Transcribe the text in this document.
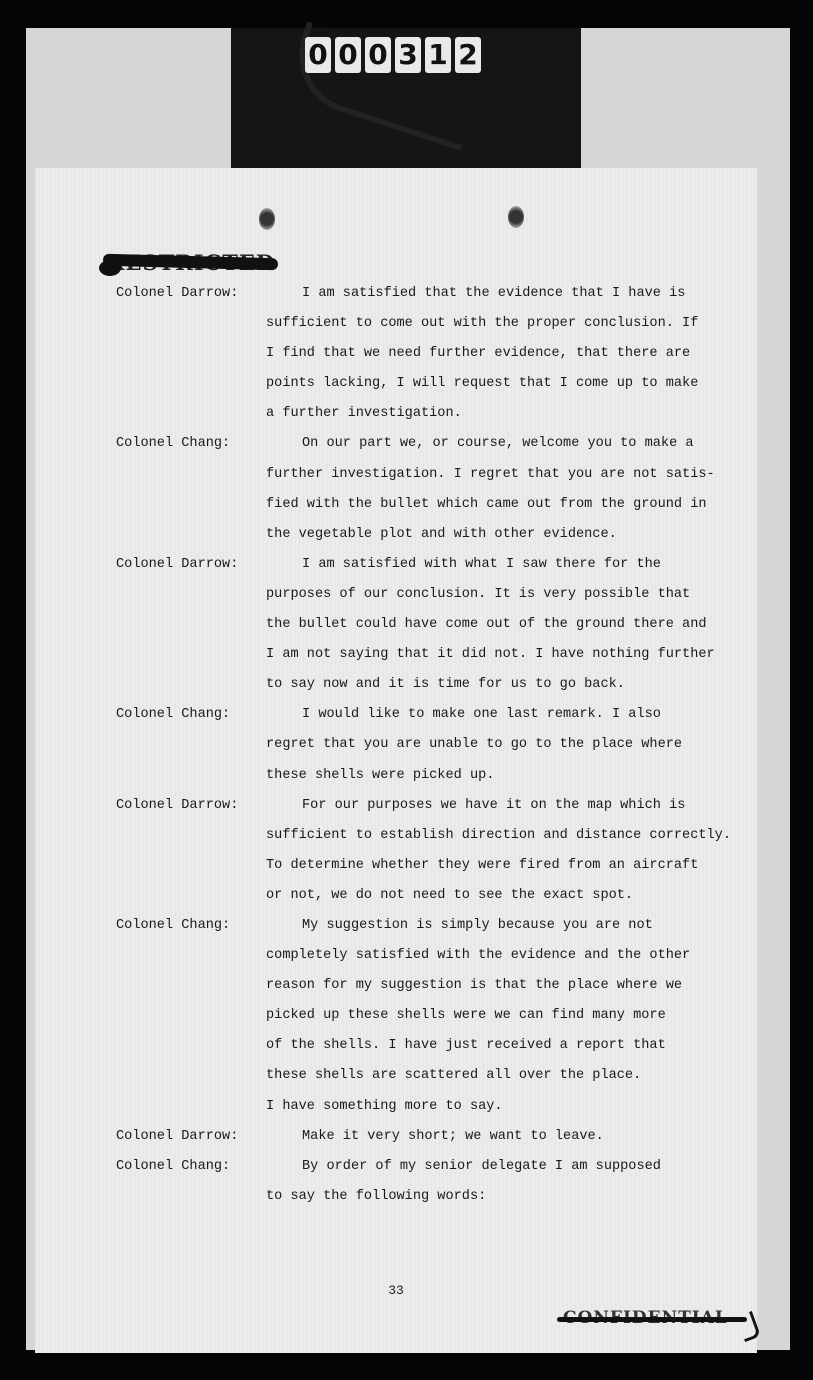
0 0 0 3 1 2
Colonel Darrow:	I am satisfied that the evidence that I have is
sufficient to come out with the proper conclusion. If
I find that we need further evidence, that there are
points lacking, I will request that I come up to make
a further investigation.
Colonel Chang:	On our part we, or course, welcome you to make a
further investigation. I regret that you are not satis-
fied with the bullet which came out from the ground in
the vegetable plot and with other evidence.
Colonel Darrow:	I am satisfied with what I saw there for the
purposes of our conclusion. It is very possible that
the bullet could have come out of the ground there and
I am not saying that it did not. I have nothing further
to say now and it is time for us to go back.
Colonel Chang:	I would like to make one last remark. I also
regret that you are unable to go to the place where
these shells were picked up.
Colonel Darrow:	For our purposes we have it on the map which is
sufficient to establish direction and distance correctly.
To determine whether they were fired from an aircraft
or not, we do not need to see the exact spot.
Colonel Chang:	My suggestion is simply because you are not
completely satisfied with the evidence and the other
reason for my suggestion is that the place where we
picked up these shells were we can find many more
of the shells. I have just received a report that
these shells are scattered all over the place.
I have something more to say.
Colonel Darrow:	Make it very short; we want to leave.
Colonel Chang:	By order of my senior delegate I am supposed
to say the following words:
33
